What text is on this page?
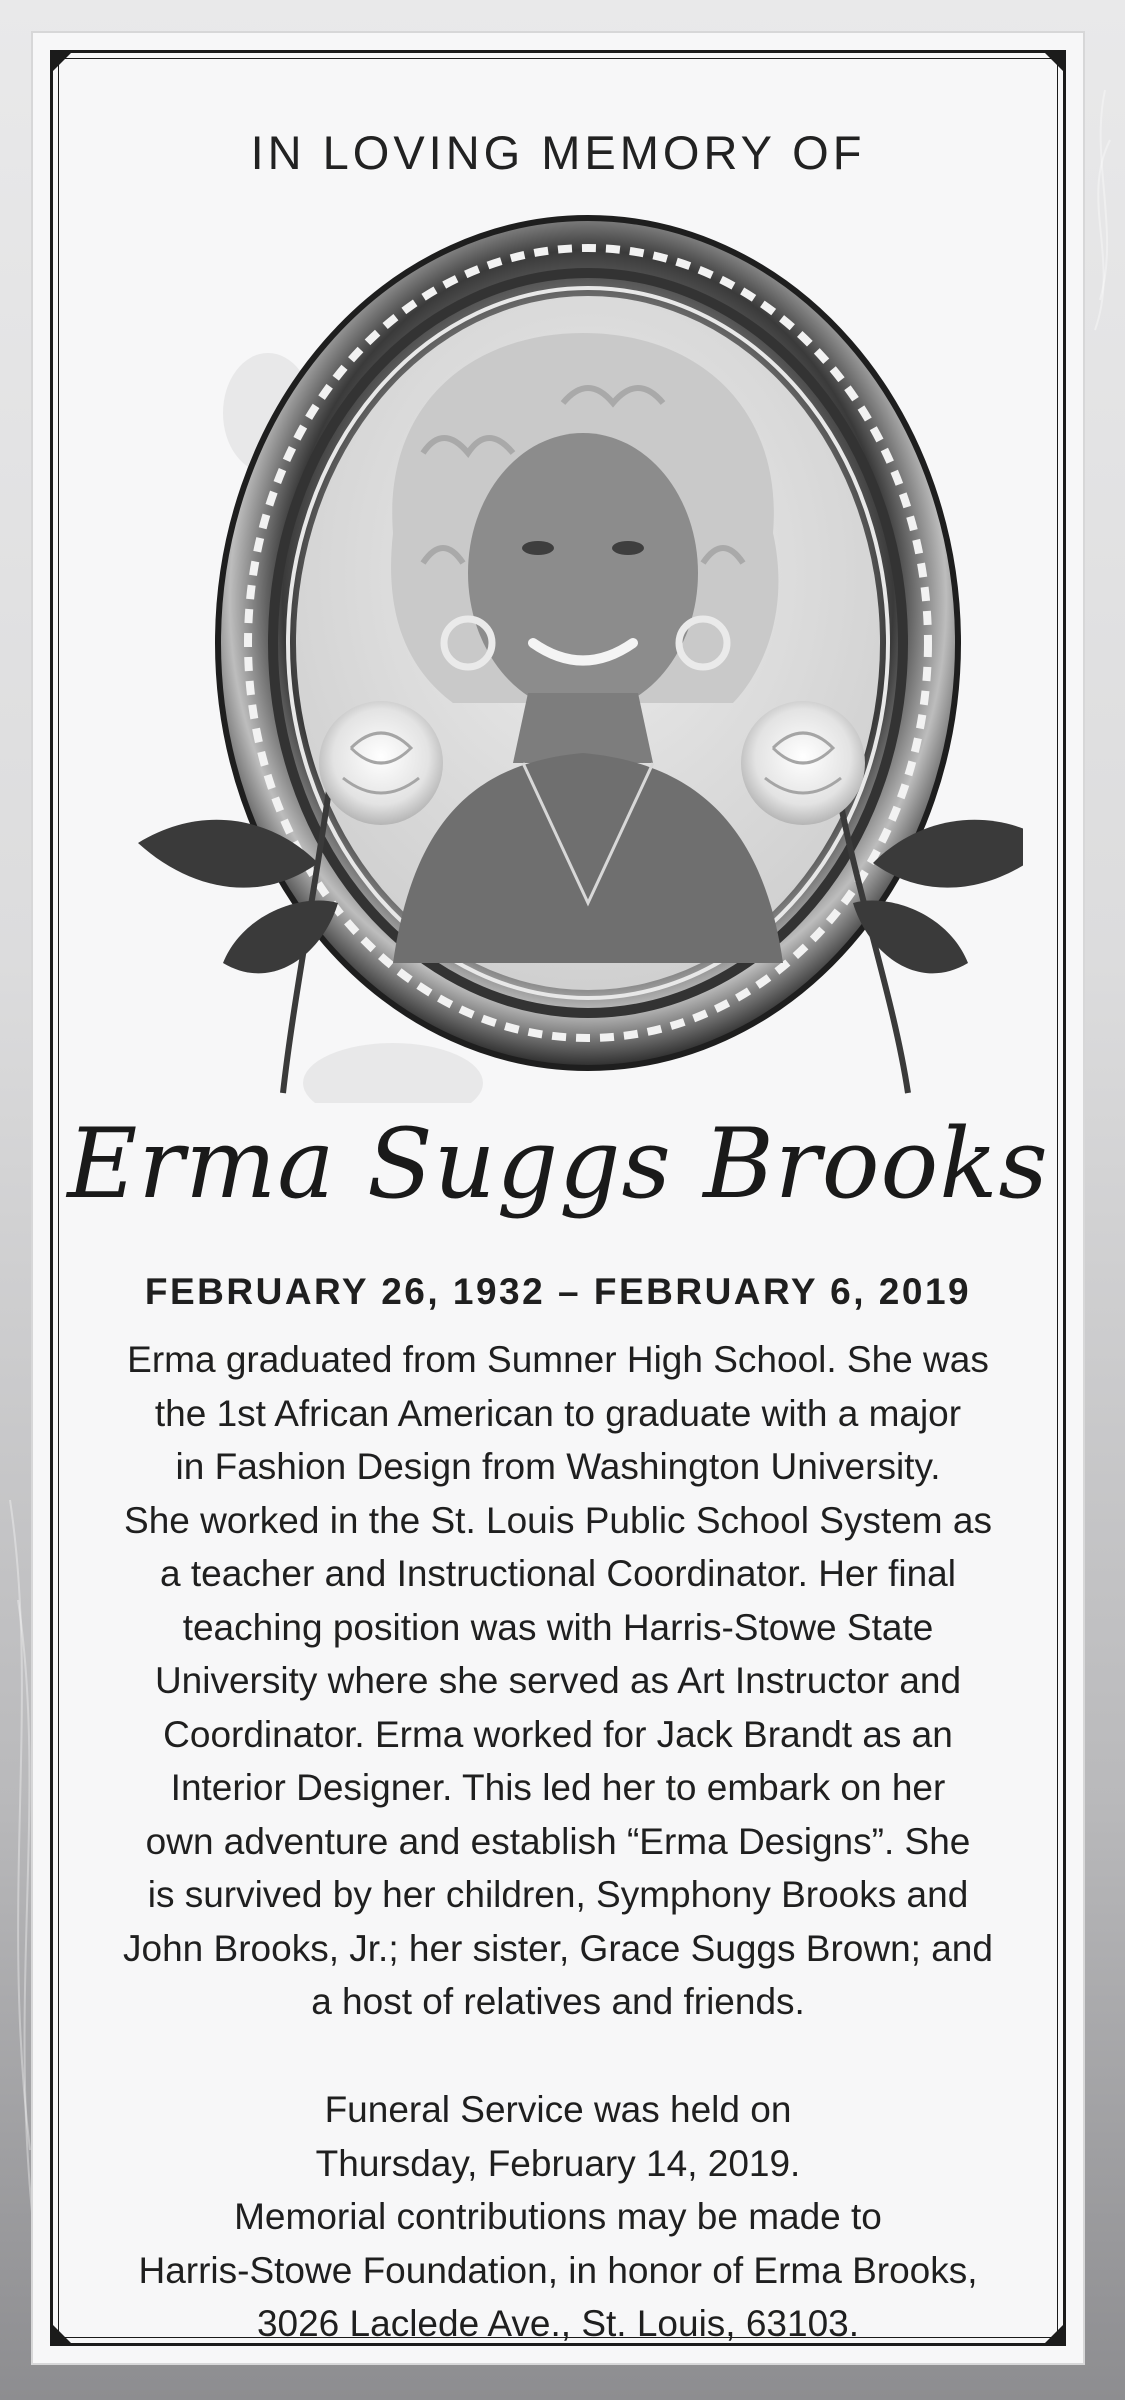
IN LOVING MEMORY OF
Erma Suggs Brooks
FEBRUARY 26, 1932 – FEBRUARY 6, 2019

Erma graduated from Sumner High School. She was
the 1st African American to graduate with a major
in Fashion Design from Washington University.
She worked in the St. Louis Public School System as
a teacher and Instructional Coordinator. Her final
teaching position was with Harris-Stowe State
University where she served as Art Instructor and
Coordinator. Erma worked for Jack Brandt as an
Interior Designer. This led her to embark on her
own adventure and establish “Erma Designs”. She
is survived by her children, Symphony Brooks and
John Brooks, Jr.; her sister, Grace Suggs Brown; and
a host of relatives and friends.

Funeral Service was held on
Thursday, February 14, 2019.
Memorial contributions may be made to
Harris-Stowe Foundation, in honor of Erma Brooks,
3026 Laclede Ave., St. Louis, 63103.
